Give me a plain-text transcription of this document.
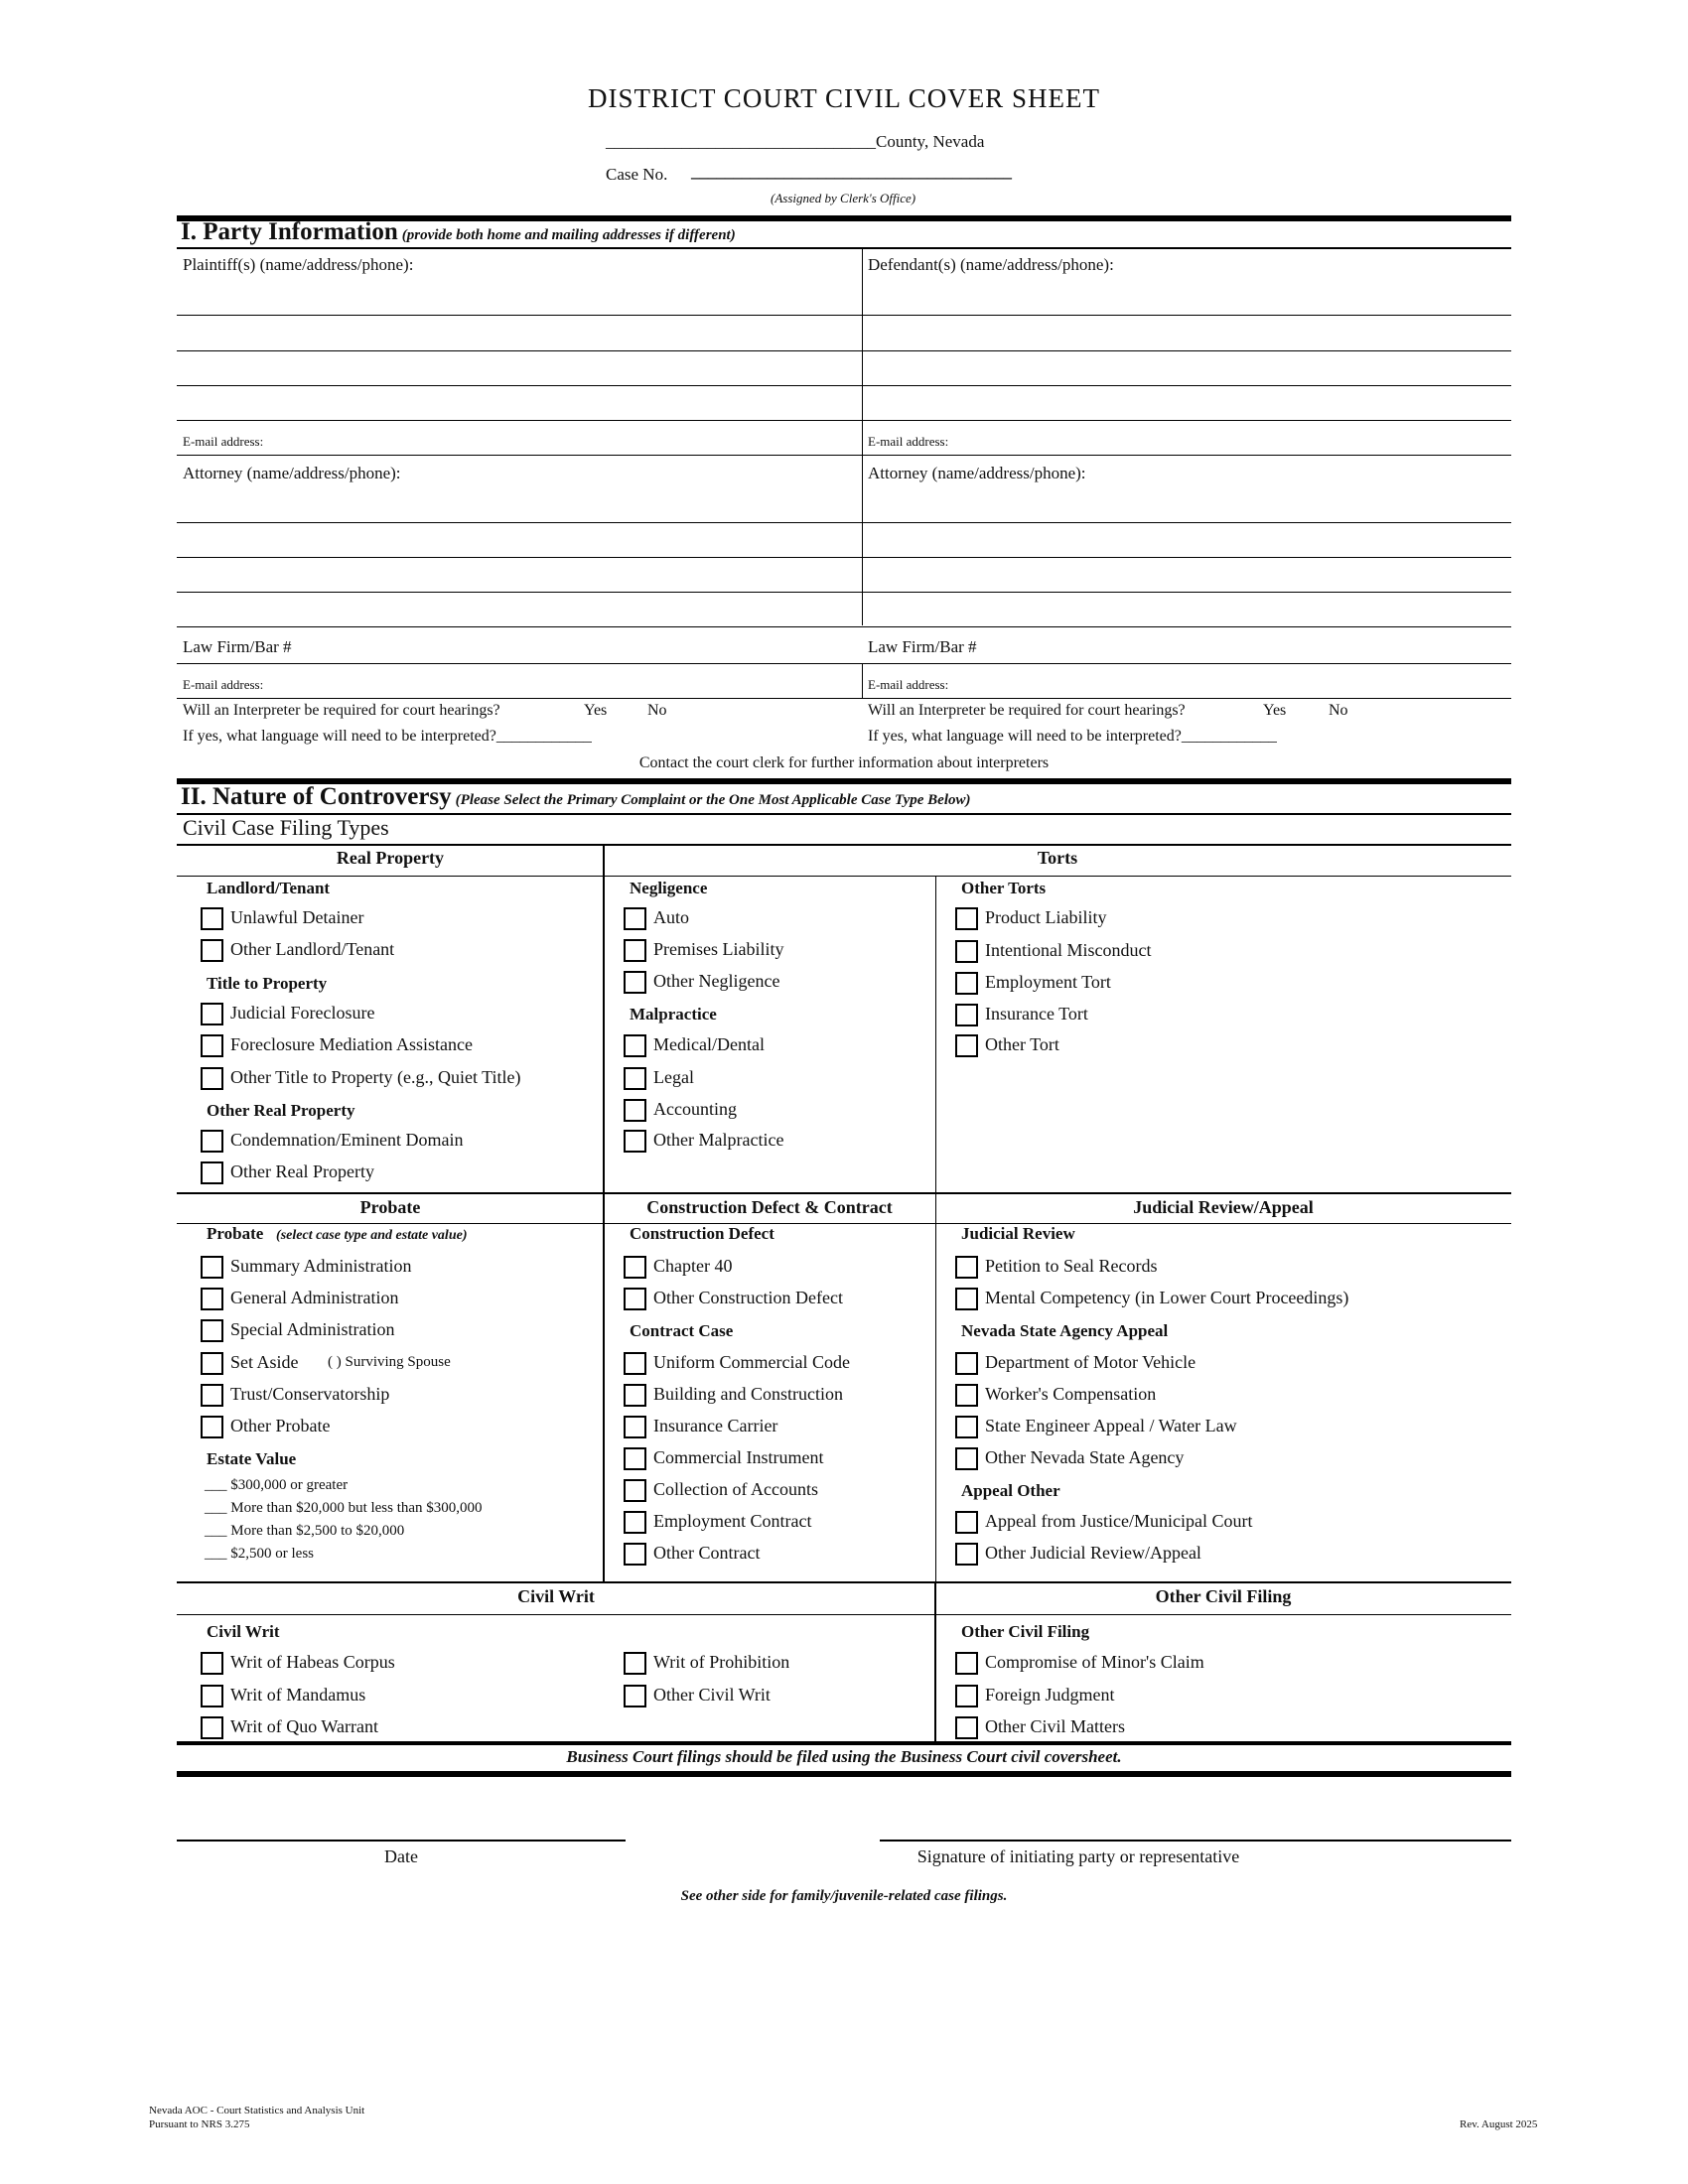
DISTRICT COURT CIVIL COVER SHEET
________________________________County, Nevada
Case No. ______________________________________
(Assigned by Clerk's Office)
I. Party Information (provide both home and mailing addresses if different)
Plaintiff(s) (name/address/phone):	Defendant(s) (name/address/phone):
E-mail address:	E-mail address:
Attorney (name/address/phone):	Attorney (name/address/phone):
Law Firm/Bar #	Law Firm/Bar #
E-mail address:	E-mail address:
Will an Interpreter be required for court hearings?	Yes	No	Will an Interpreter be required for court hearings?	Yes	No
If yes, what language will need to be interpreted?____________	If yes, what language will need to be interpreted?____________
Contact the court clerk for further information about interpreters
II. Nature of Controversy (Please Select the Primary Complaint or the One Most Applicable Case Type Below)
Civil Case Filing Types
Real Property	Torts
Landlord/Tenant
Unlawful Detainer
Other Landlord/Tenant
Title to Property
Judicial Foreclosure
Foreclosure Mediation Assistance
Other Title to Property (e.g., Quiet Title)
Other Real Property
Condemnation/Eminent Domain
Other Real Property
Negligence
Auto
Premises Liability
Other Negligence
Malpractice
Medical/Dental
Legal
Accounting
Other Malpractice
Other Torts
Product Liability
Intentional Misconduct
Employment Tort
Insurance Tort
Other Tort
Probate	Construction Defect & Contract	Judicial Review/Appeal
Probate (select case type and estate value)
Summary Administration
General Administration
Special Administration
Set Aside ( ) Surviving Spouse
Trust/Conservatorship
Other Probate
Estate Value
___ $300,000 or greater
___ More than $20,000 but less than $300,000
___ More than $2,500 to $20,000
___ $2,500 or less
Construction Defect
Chapter 40
Other Construction Defect
Contract Case
Uniform Commercial Code
Building and Construction
Insurance Carrier
Commercial Instrument
Collection of Accounts
Employment Contract
Other Contract
Judicial Review
Petition to Seal Records
Mental Competency (in Lower Court Proceedings)
Nevada State Agency Appeal
Department of Motor Vehicle
Worker's Compensation
State Engineer Appeal / Water Law
Other Nevada State Agency
Appeal Other
Appeal from Justice/Municipal Court
Other Judicial Review/Appeal
Civil Writ	Other Civil Filing
Civil Writ
Writ of Habeas Corpus
Writ of Mandamus
Writ of Quo Warrant
Writ of Prohibition
Other Civil Writ
Other Civil Filing
Compromise of Minor's Claim
Foreign Judgment
Other Civil Matters
Business Court filings should be filed using the Business Court civil coversheet.
Date	Signature of initiating party or representative
See other side for family/juvenile-related case filings.
Nevada AOC - Court Statistics and Analysis Unit
Pursuant to NRS 3.275	Rev. August 2025
